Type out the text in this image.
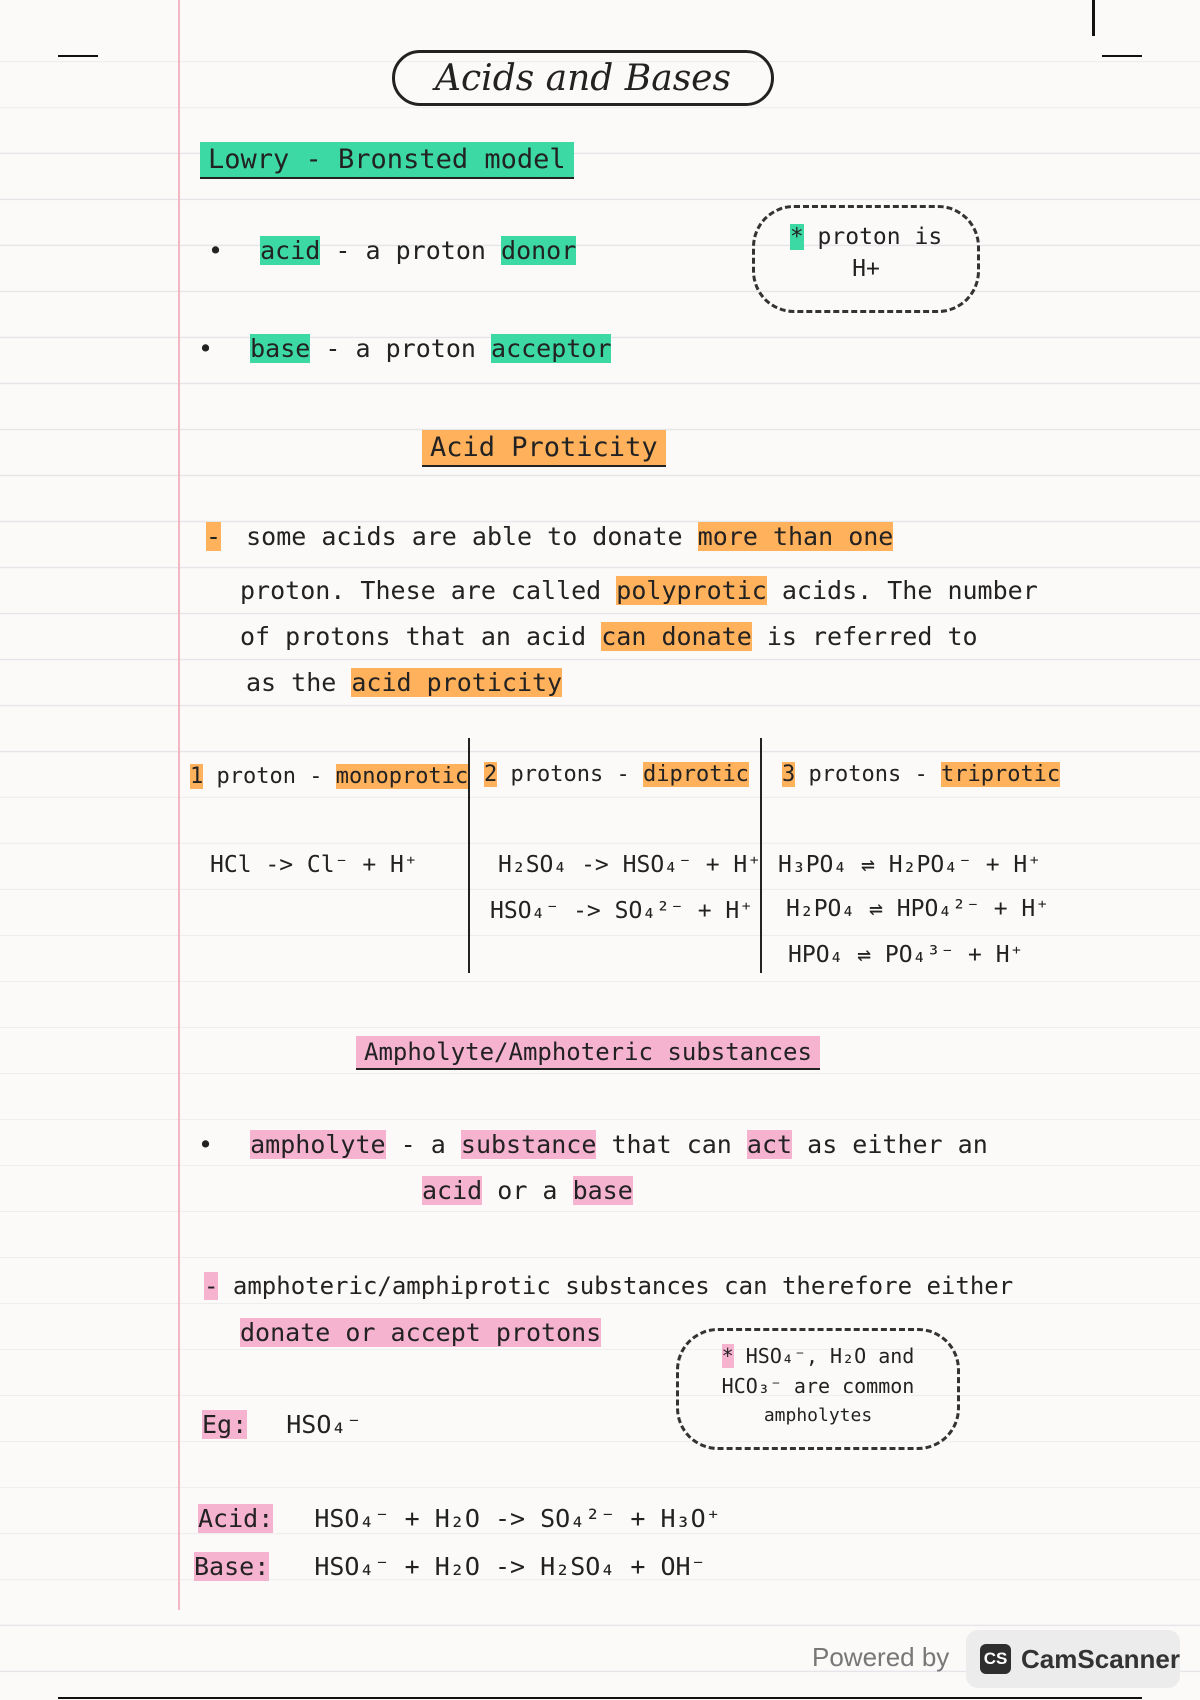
Acids and Bases
Lowry - Bronsted model
• acid - a proton donor
• base - a proton acceptor
* proton is
H+
Acid Proticity
- some acids are able to donate more than one
proton. These are called polyprotic acids. The number
of protons that an acid can donate is referred to
as the acid proticity
1 proton - monoprotic 2 protons - diprotic 3 protons - triprotic
HCl -> Cl⁻ + H⁺	H₂SO₄ -> HSO₄⁻ + H⁺
HSO₄⁻ -> SO₄²⁻ + H⁺
H₃PO₄ ⇌ H₂PO₄⁻ + H⁺
H₂PO₄ ⇌ HPO₄²⁻ + H⁺
HPO₄ ⇌ PO₄³⁻ + H⁺
Ampholyte/Amphoteric substances
• ampholyte - a substance that can act as either an
acid or a base
- amphoteric/amphiprotic substances can therefore either
donate or accept protons
* HSO₄⁻, H₂O and
HCO₃⁻ are common
ampholytes
Eg: HSO₄⁻
Acid: HSO₄⁻ + H₂O -> SO₄²⁻ + H₃O⁺
Base: HSO₄⁻ + H₂O -> H₂SO₄ + OH⁻
Powered by CS CamScanner
